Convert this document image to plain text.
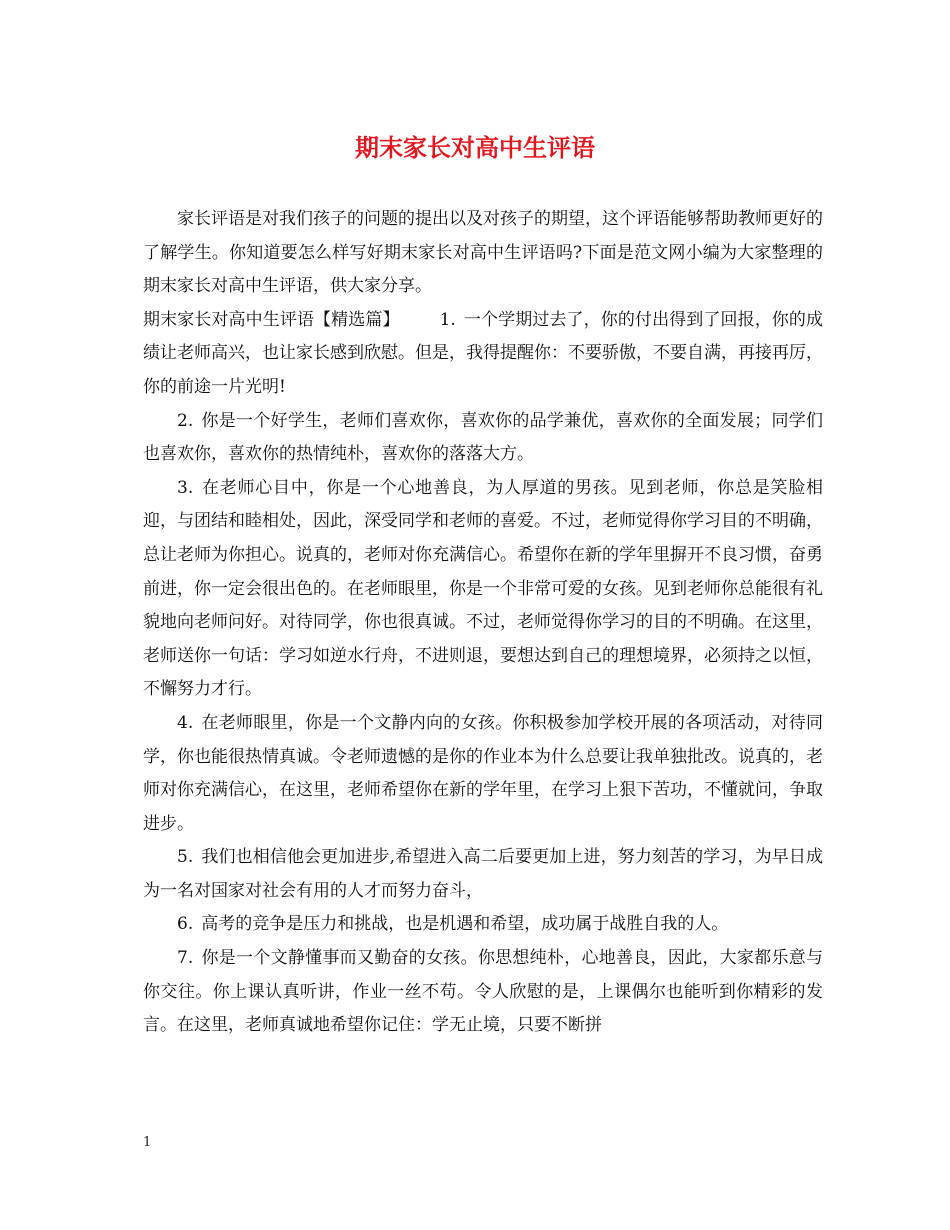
期末家长对高中生评语

家长评语是对我们孩子的问题的提出以及对孩子的期望，这个评语能够帮助教师更好的了解学生。你知道要怎么样写好期末家长对高中生评语吗?下面是范文网小编为大家整理的期末家长对高中生评语，供大家分享。

期末家长对高中生评语【精选篇】 1. 一个学期过去了，你的付出得到了回报，你的成绩让老师高兴，也让家长感到欣慰。但是，我得提醒你：不要骄傲，不要自满，再接再厉，你的前途一片光明!

2. 你是一个好学生，老师们喜欢你，喜欢你的品学兼优，喜欢你的全面发展；同学们也喜欢你，喜欢你的热情纯朴，喜欢你的落落大方。

3. 在老师心目中，你是一个心地善良，为人厚道的男孩。见到老师，你总是笑脸相迎，与团结和睦相处，因此，深受同学和老师的喜爱。不过，老师觉得你学习目的不明确，总让老师为你担心。说真的，老师对你充满信心。希望你在新的学年里摒开不良习惯，奋勇前进，你一定会很出色的。在老师眼里，你是一个非常可爱的女孩。见到老师你总能很有礼貌地向老师问好。对待同学，你也很真诚。不过，老师觉得你学习的目的不明确。在这里，老师送你一句话：学习如逆水行舟，不进则退，要想达到自己的理想境界，必须持之以恒，不懈努力才行。

4. 在老师眼里，你是一个文静内向的女孩。你积极参加学校开展的各项活动，对待同学，你也能很热情真诚。令老师遗憾的是你的作业本为什么总要让我单独批改。说真的，老师对你充满信心，在这里，老师希望你在新的学年里，在学习上狠下苦功，不懂就问，争取进步。

5. 我们也相信他会更加进步,希望进入高二后要更加上进，努力刻苦的学习，为早日成为一名对国家对社会有用的人才而努力奋斗，

6. 高考的竞争是压力和挑战，也是机遇和希望，成功属于战胜自我的人。

7. 你是一个文静懂事而又勤奋的女孩。你思想纯朴，心地善良，因此，大家都乐意与你交往。你上课认真听讲，作业一丝不苟。令人欣慰的是，上课偶尔也能听到你精彩的发言。在这里，老师真诚地希望你记住：学无止境，只要不断拼

1
